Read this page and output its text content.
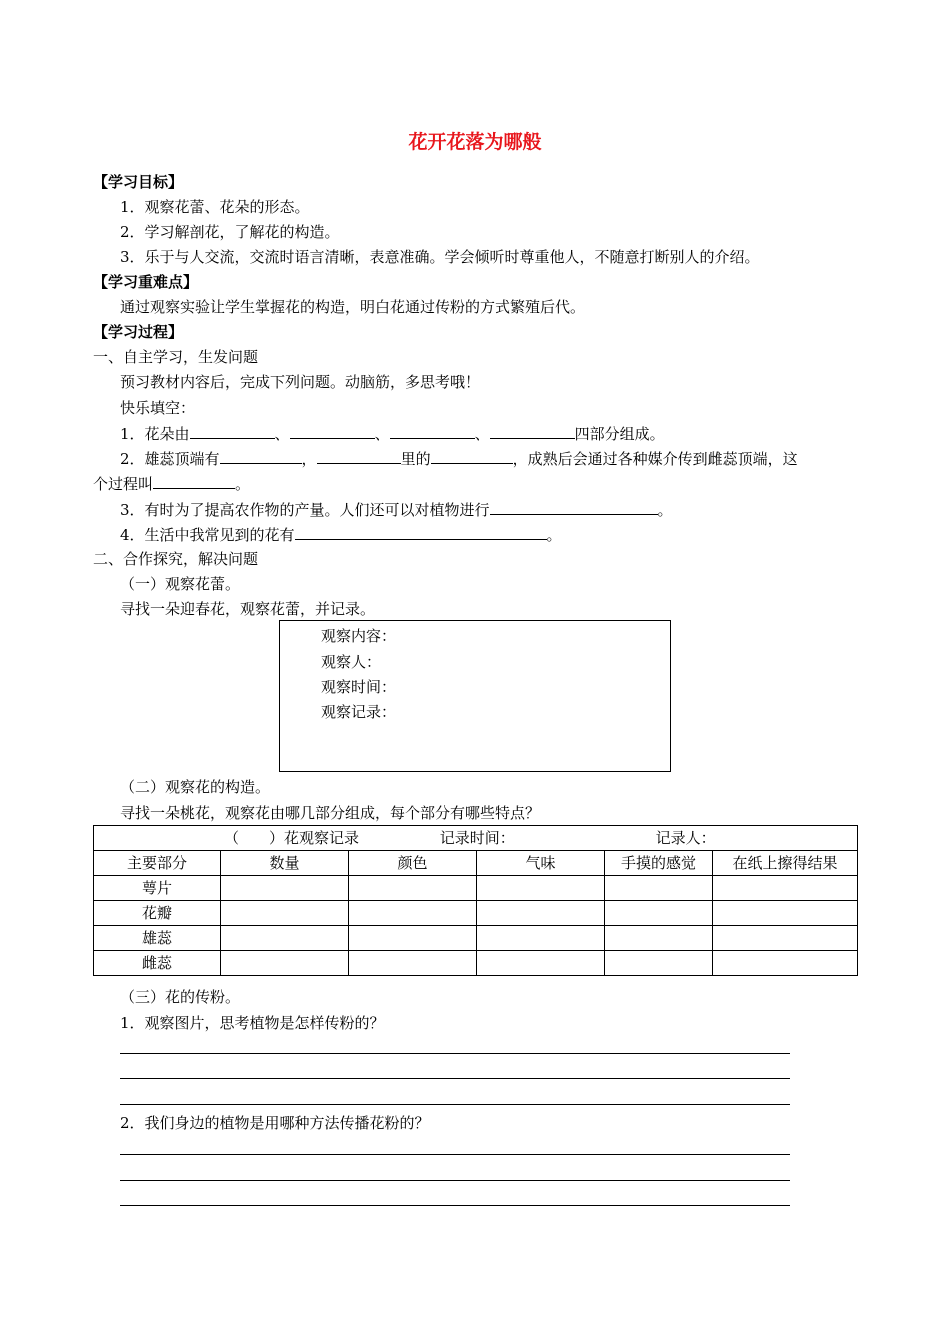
花开花落为哪般
【学习目标】
1．观察花蕾、花朵的形态。
2．学习解剖花，了解花的构造。
3．乐于与人交流，交流时语言清晰，表意准确。学会倾听时尊重他人，不随意打断别人的介绍。
【学习重难点】
通过观察实验让学生掌握花的构造，明白花通过传粉的方式繁殖后代。
【学习过程】
一、自主学习，生发问题
预习教材内容后，完成下列问题。动脑筋，多思考哦！
快乐填空：
1．花朵由	、	、	、	四部分组成。
2．雄蕊顶端有	，	里的	，成熟后会通过各种媒介传到雌蕊顶端，这
个过程叫	。
3．有时为了提高农作物的产量。人们还可以对植物进行	。
4．生活中我常见到的花有	。
二、合作探究，解决问题
（一）观察花蕾。
寻找一朵迎春花，观察花蕾，并记录。
观察内容：
观察人：
观察时间：
观察记录：
（二）观察花的构造。
寻找一朵桃花，观察花由哪几部分组成，每个部分有哪些特点？
（　　）花观察记录 记录时间： 记录人：					
主要部分	数量	颜色	气味	手摸的感觉	在纸上擦得结果
萼片					
花瓣					
雄蕊					
雌蕊					
（三）花的传粉。
1．观察图片，思考植物是怎样传粉的？
2．我们身边的植物是用哪种方法传播花粉的？
